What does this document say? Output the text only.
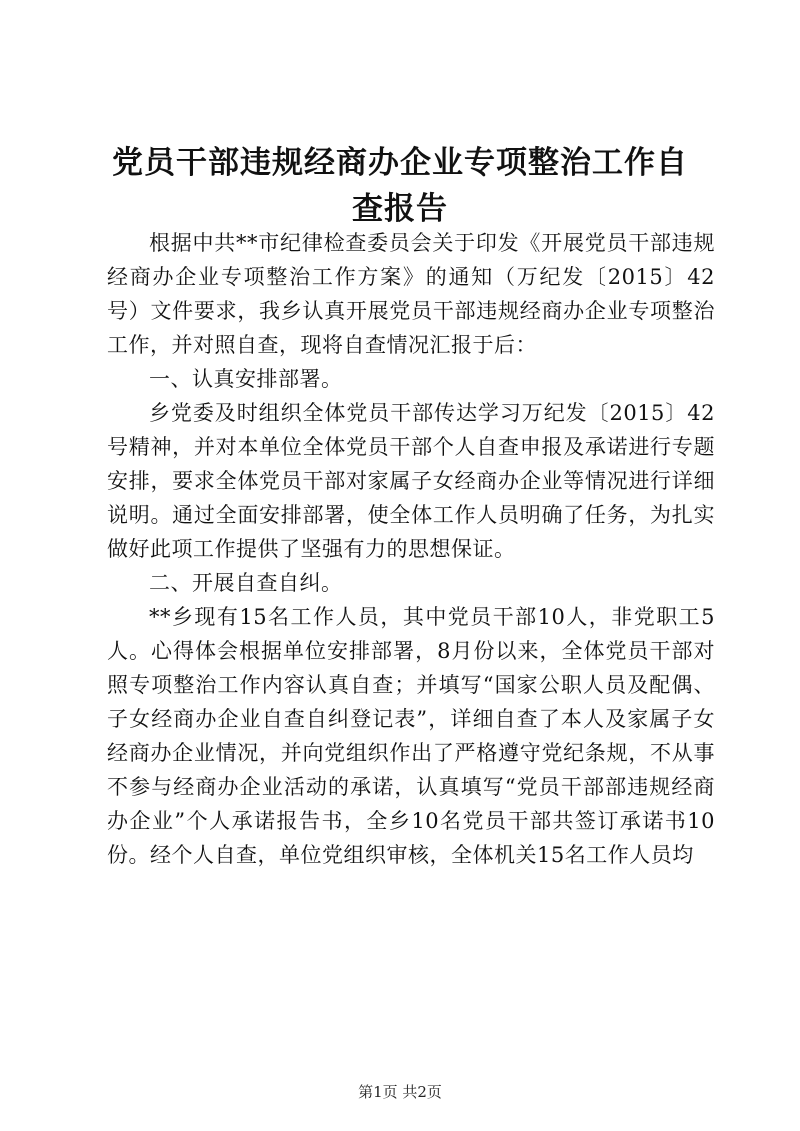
党员干部违规经商办企业专项整治工作自查报告

根据中共**市纪律检查委员会关于印发《开展党员干部违规经商办企业专项整治工作方案》的通知（万纪发〔2015〕42号）文件要求，我乡认真开展党员干部违规经商办企业专项整治工作，并对照自查，现将自查情况汇报于后：

一、认真安排部署。

乡党委及时组织全体党员干部传达学习万纪发〔2015〕42号精神，并对本单位全体党员干部个人自查申报及承诺进行专题安排，要求全体党员干部对家属子女经商办企业等情况进行详细说明。通过全面安排部署，使全体工作人员明确了任务，为扎实做好此项工作提供了坚强有力的思想保证。

二、开展自查自纠。

**乡现有15名工作人员，其中党员干部10人，非党职工5人。心得体会根据单位安排部署，8月份以来，全体党员干部对照专项整治工作内容认真自查；并填写“国家公职人员及配偶、子女经商办企业自查自纠登记表”，详细自查了本人及家属子女经商办企业情况，并向党组织作出了严格遵守党纪条规，不从事不参与经商办企业活动的承诺，认真填写“党员干部部违规经商办企业”个人承诺报告书，全乡10名党员干部共签订承诺书10份。经个人自查，单位党组织审核，全体机关15名工作人员均

第1页 共2页
